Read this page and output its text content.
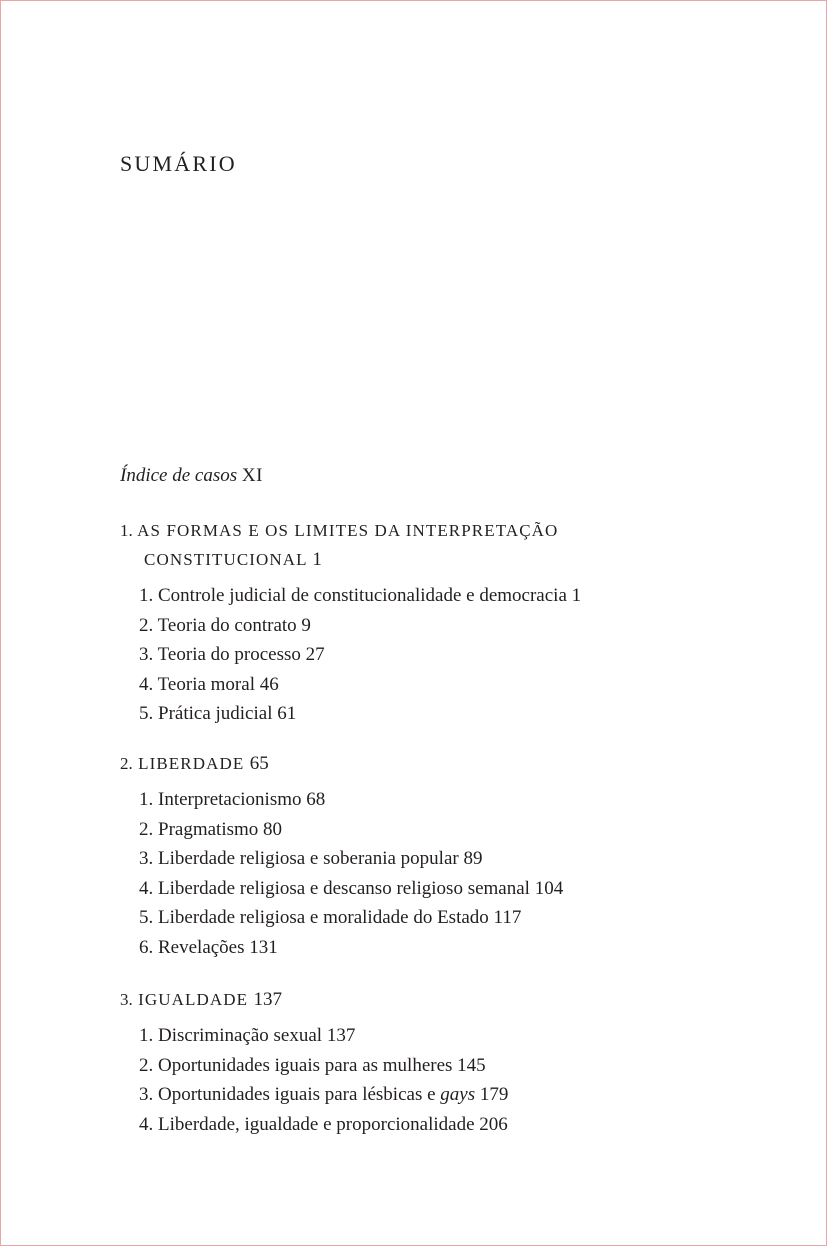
SUMÁRIO

Índice de casos XI

1. AS FORMAS E OS LIMITES DA INTERPRETAÇÃO
CONSTITUCIONAL 1

1. Controle judicial de constitucionalidade e democracia 1
2. Teoria do contrato 9
3. Teoria do processo 27
4. Teoria moral 46
5. Prática judicial 61

2. LIBERDADE 65

1. Interpretacionismo 68
2. Pragmatismo 80
3. Liberdade religiosa e soberania popular 89
4. Liberdade religiosa e descanso religioso semanal 104
5. Liberdade religiosa e moralidade do Estado 117
6. Revelações 131

3. IGUALDADE 137

1. Discriminação sexual 137
2. Oportunidades iguais para as mulheres 145
3. Oportunidades iguais para lésbicas e gays 179
4. Liberdade, igualdade e proporcionalidade 206
